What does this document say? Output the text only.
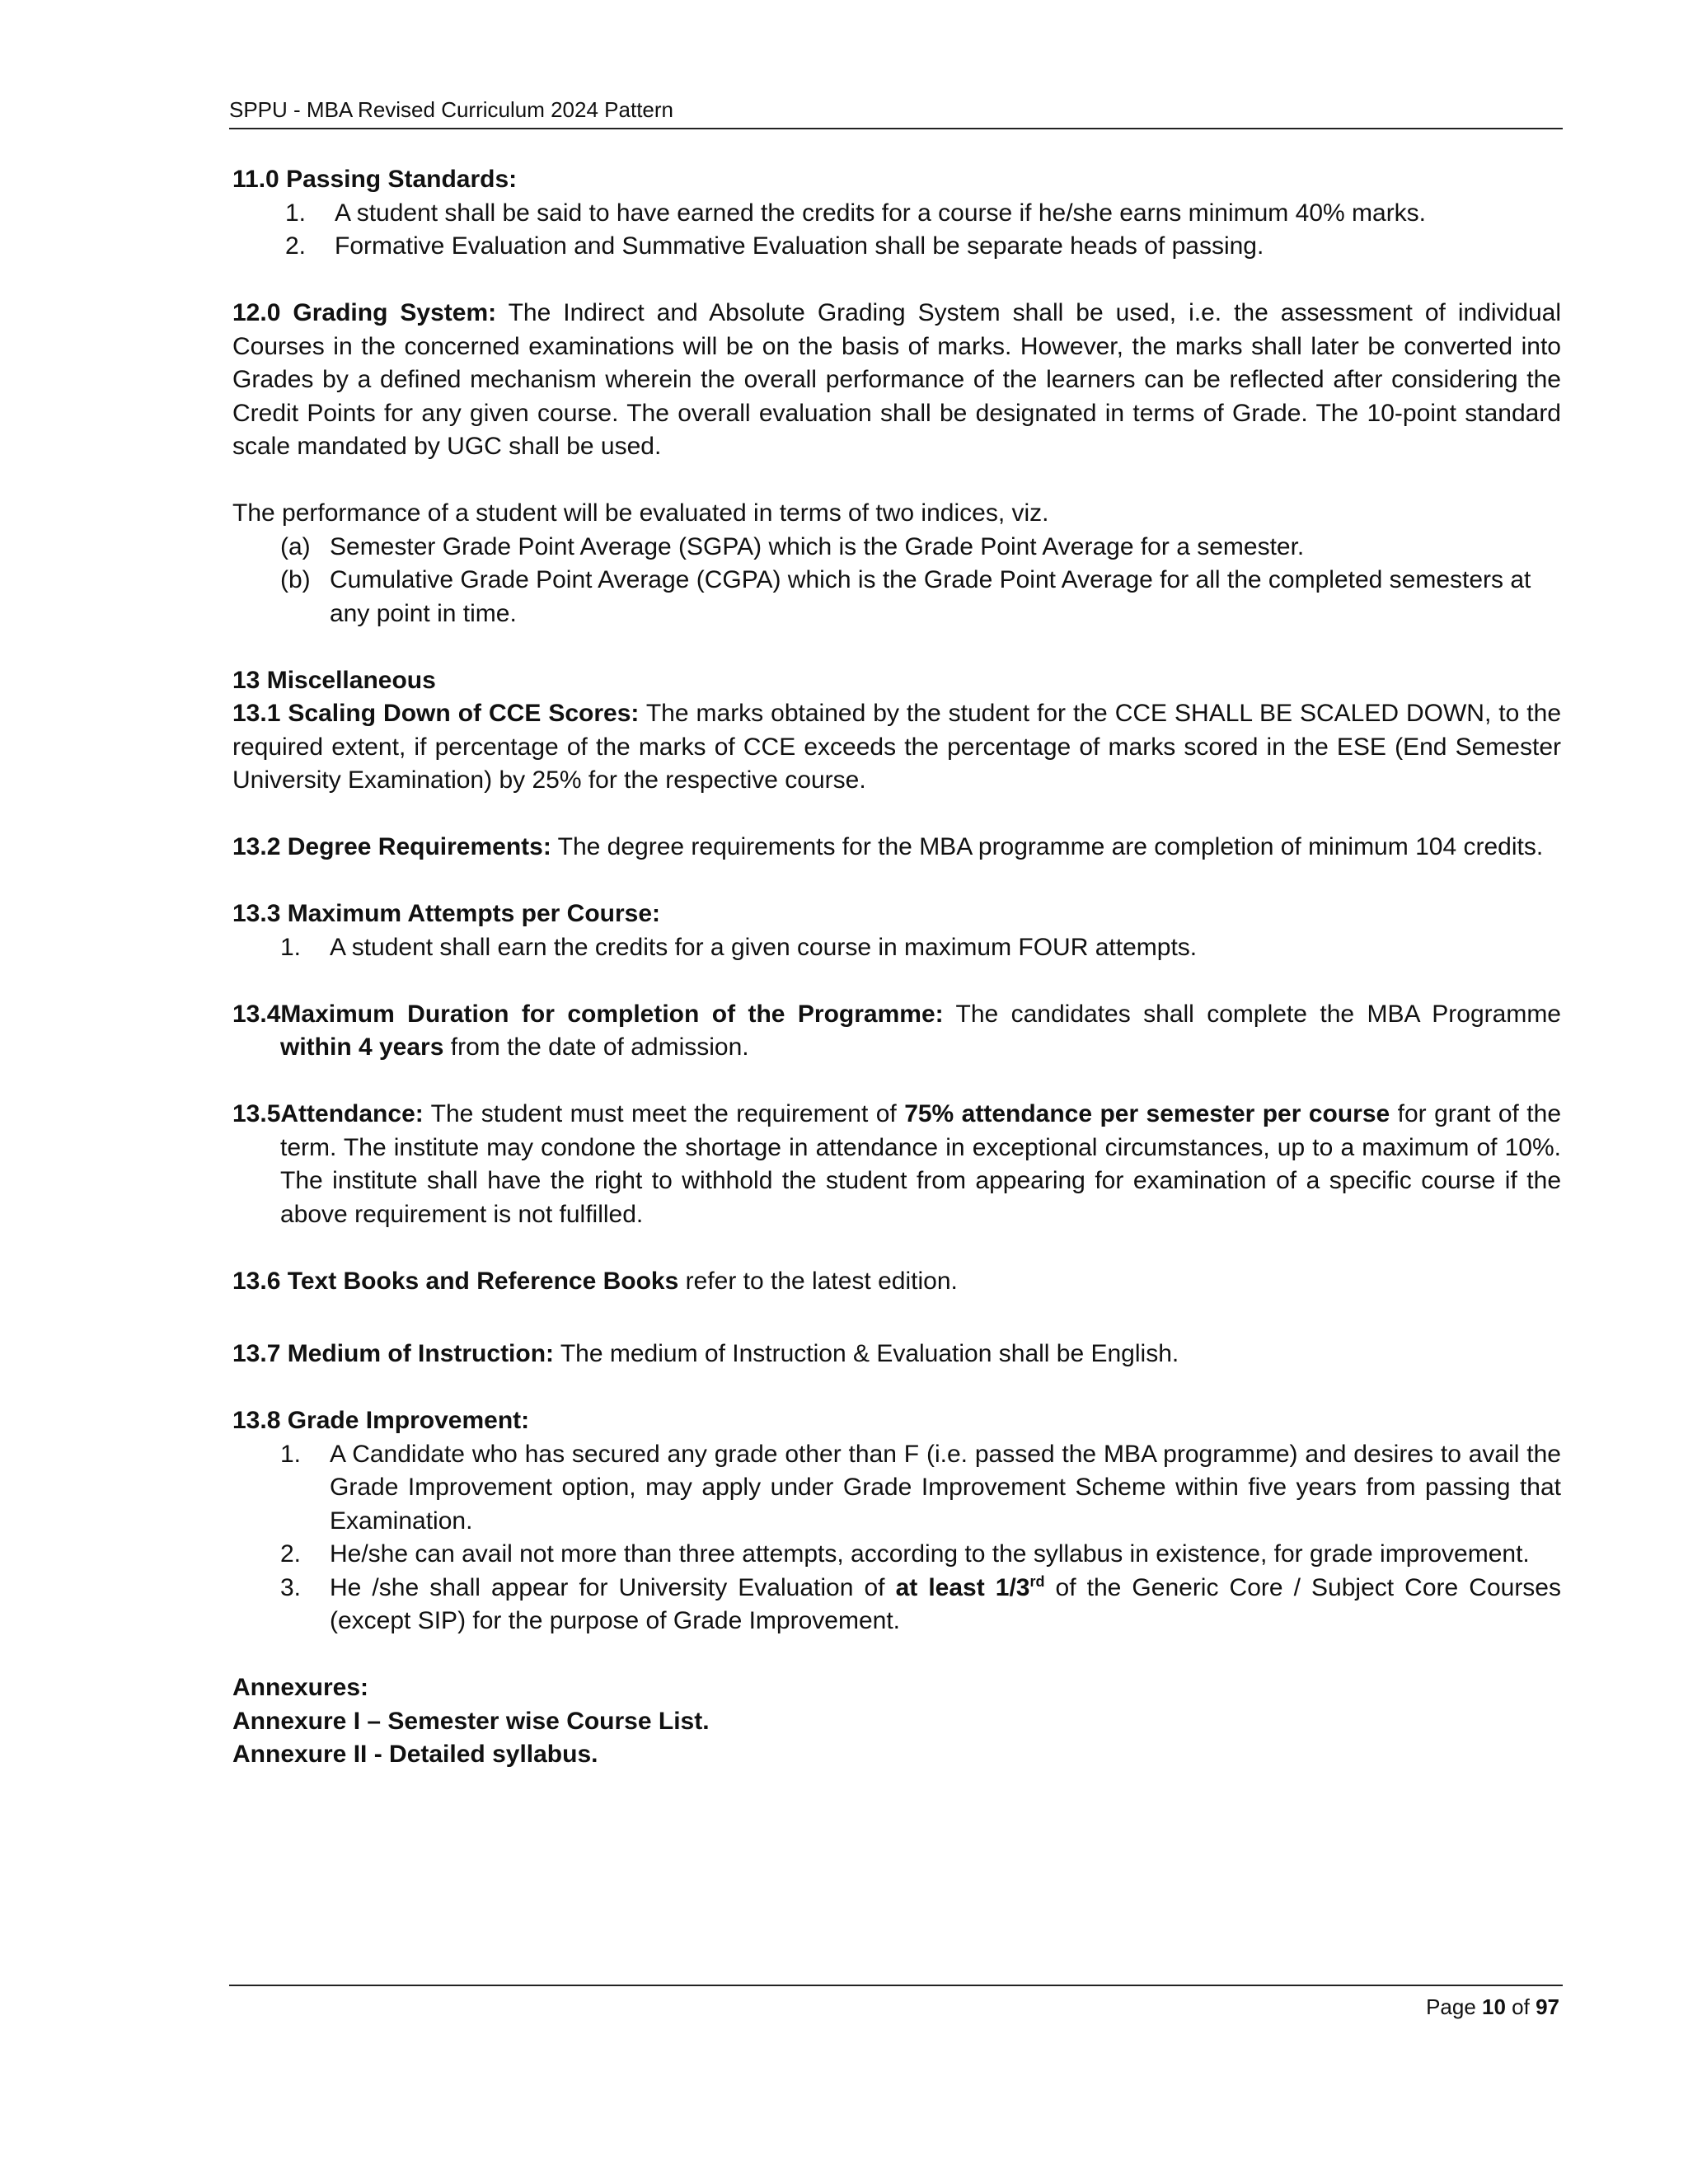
SPPU - MBA Revised Curriculum 2024 Pattern

11.0 Passing Standards:

1.	A student shall be said to have earned the credits for a course if he/she earns minimum 40% marks.
2.	Formative Evaluation and Summative Evaluation shall be separate heads of passing.

12.0 Grading System: The Indirect and Absolute Grading System shall be used, i.e. the assessment of individual Courses in the concerned examinations will be on the basis of marks. However, the marks shall later be converted into Grades by a defined mechanism wherein the overall performance of the learners can be reflected after considering the Credit Points for any given course. The overall evaluation shall be designated in terms of Grade. The 10-point standard scale mandated by UGC shall be used.

The performance of a student will be evaluated in terms of two indices, viz.

(a) Semester Grade Point Average (SGPA) which is the Grade Point Average for a semester.
(b) Cumulative Grade Point Average (CGPA) which is the Grade Point Average for all the completed semesters at any point in time.

13 Miscellaneous

13.1 Scaling Down of CCE Scores: The marks obtained by the student for the CCE SHALL BE SCALED DOWN, to the required extent, if percentage of the marks of CCE exceeds the percentage of marks scored in the ESE (End Semester University Examination) by 25% for the respective course.

13.2 Degree Requirements: The degree requirements for the MBA programme are completion of minimum 104 credits.

13.3 Maximum Attempts per Course:

1.	A student shall earn the credits for a given course in maximum FOUR attempts.

13.4Maximum Duration for completion of the Programme: The candidates shall complete the MBA Programme within 4 years from the date of admission.

13.5Attendance: The student must meet the requirement of 75% attendance per semester per course for grant of the term. The institute may condone the shortage in attendance in exceptional circumstances, up to a maximum of 10%. The institute shall have the right to withhold the student from appearing for examination of a specific course if the above requirement is not fulfilled.

13.6 Text Books and Reference Books refer to the latest edition.

13.7 Medium of Instruction: The medium of Instruction & Evaluation shall be English.

13.8 Grade Improvement:

1.	A Candidate who has secured any grade other than F (i.e. passed the MBA programme) and desires to avail the Grade Improvement option, may apply under Grade Improvement Scheme within five years from passing that Examination.
2.	He/she can avail not more than three attempts, according to the syllabus in existence, for grade improvement.
3.	He /she shall appear for University Evaluation of at least 1/3rd of the Generic Core / Subject Core Courses (except SIP) for the purpose of Grade Improvement.

Annexures:

Annexure I – Semester wise Course List.

Annexure II - Detailed syllabus.

Page 10 of 97
